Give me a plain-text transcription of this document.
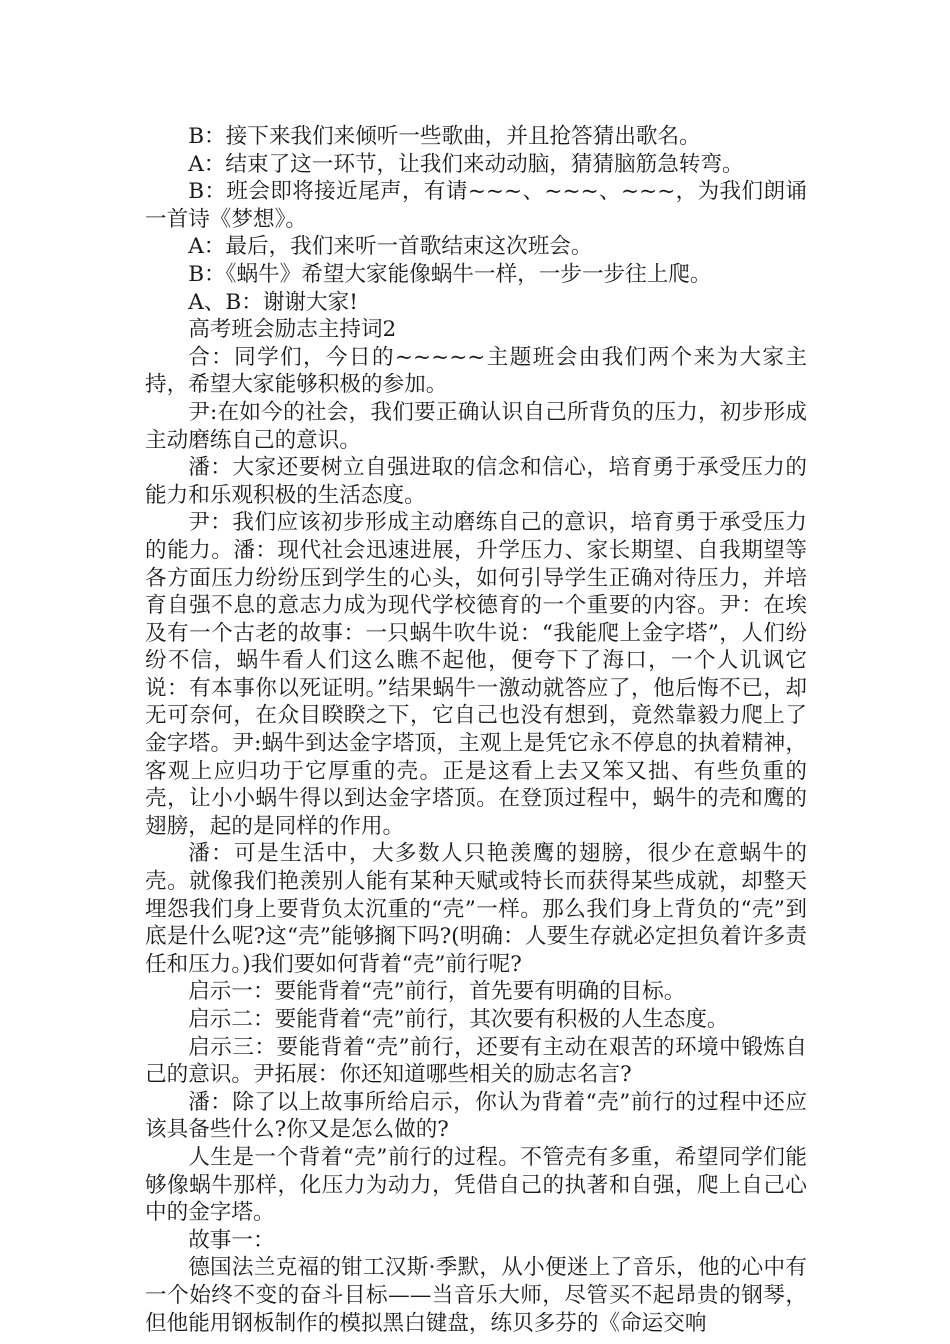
B：接下来我们来倾听一些歌曲，并且抢答猜出歌名。

A：结束了这一环节，让我们来动动脑，猜猜脑筋急转弯。

B：班会即将接近尾声，有请~~~、~~~、~~~，为我们朗诵一首诗《梦想》。

A：最后，我们来听一首歌结束这次班会。

B：《蜗牛》希望大家能像蜗牛一样，一步一步往上爬。

A、B：谢谢大家!

高考班会励志主持词2

合：同学们，今日的~~~~~主题班会由我们两个来为大家主持，希望大家能够积极的参加。

尹:在如今的社会，我们要正确认识自己所背负的压力，初步形成主动磨练自己的意识。

潘：大家还要树立自强进取的信念和信心，培育勇于承受压力的能力和乐观积极的生活态度。

尹：我们应该初步形成主动磨练自己的意识，培育勇于承受压力的能力。潘：现代社会迅速进展，升学压力、家长期望、自我期望等各方面压力纷纷压到学生的心头，如何引导学生正确对待压力，并培育自强不息的意志力成为现代学校德育的一个重要的内容。尹：在埃及有一个古老的故事：一只蜗牛吹牛说：“我能爬上金字塔”，人们纷纷不信，蜗牛看人们这么瞧不起他，便夸下了海口，一个人讥讽它说：有本事你以死证明。”结果蜗牛一激动就答应了，他后悔不已，却无可奈何，在众目睽睽之下，它自己也没有想到，竟然靠毅力爬上了金字塔。尹:蜗牛到达金字塔顶，主观上是凭它永不停息的执着精神，客观上应归功于它厚重的壳。正是这看上去又笨又拙、有些负重的壳，让小小蜗牛得以到达金字塔顶。在登顶过程中，蜗牛的壳和鹰的翅膀，起的是同样的作用。

潘：可是生活中，大多数人只艳羡鹰的翅膀，很少在意蜗牛的壳。就像我们艳羡别人能有某种天赋或特长而获得某些成就，却整天埋怨我们身上要背负太沉重的“壳”一样。那么我们身上背负的“壳”到底是什么呢?这“壳”能够搁下吗?(明确：人要生存就必定担负着许多责任和压力。)我们要如何背着“壳”前行呢?

启示一：要能背着“壳”前行，首先要有明确的目标。

启示二：要能背着“壳”前行，其次要有积极的人生态度。

启示三：要能背着“壳”前行，还要有主动在艰苦的环境中锻炼自己的意识。尹拓展：你还知道哪些相关的励志名言?

潘：除了以上故事所给启示，你认为背着“壳”前行的过程中还应该具备些什么?你又是怎么做的?

人生是一个背着“壳”前行的过程。不管壳有多重，希望同学们能够像蜗牛那样，化压力为动力，凭借自己的执著和自强，爬上自己心中的金字塔。

故事一：

德国法兰克福的钳工汉斯·季默，从小便迷上了音乐，他的心中有一个始终不变的奋斗目标——当音乐大师，尽管买不起昂贵的钢琴，但他能用钢板制作的模拟黑白键盘，练贝多芬的《命运交响
